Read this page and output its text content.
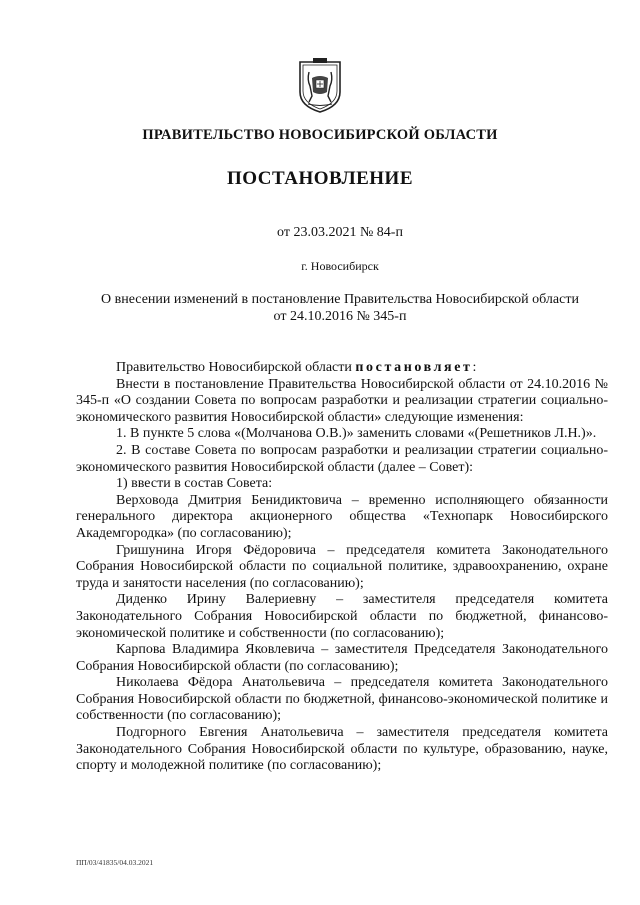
ПРАВИТЕЛЬСТВО НОВОСИБИРСКОЙ ОБЛАСТИ
ПОСТАНОВЛЕНИЕ
от 23.03.2021 № 84-п
г. Новосибирск
О внесении изменений в постановление Правительства Новосибирской области
от 24.10.2016 № 345-п

Правительство Новосибирской области постановляет:

Внести в постановление Правительства Новосибирской области от 24.10.2016 № 345-п «О создании Совета по вопросам разработки и реализации стратегии социально-экономического развития Новосибирской области» следующие изменения:

1. В пункте 5 слова «(Молчанова О.В.)» заменить словами «(Решетников Л.Н.)».

2. В составе Совета по вопросам разработки и реализации стратегии социально-экономического развития Новосибирской области (далее – Совет):

1) ввести в состав Совета:

Верховода Дмитрия Бенидиктовича – временно исполняющего обязанности генерального директора акционерного общества «Технопарк Новосибирского Академгородка» (по согласованию);

Гришунина Игоря Фёдоровича – председателя комитета Законодательного Собрания Новосибирской области по социальной политике, здравоохранению, охране труда и занятости населения (по согласованию);

Диденко Ирину Валериевну – заместителя председателя комитета Законодательного Собрания Новосибирской области по бюджетной, финансово-экономической политике и собственности (по согласованию);

Карпова Владимира Яковлевича – заместителя Председателя Законодательного Собрания Новосибирской области (по согласованию);

Николаева Фёдора Анатольевича – председателя комитета Законодательного Собрания Новосибирской области по бюджетной, финансово-экономической политике и собственности (по согласованию);

Подгорного Евгения Анатольевича – заместителя председателя комитета Законодательного Собрания Новосибирской области по культуре, образованию, науке, спорту и молодежной политике (по согласованию);

ПП/03/41835/04.03.2021
